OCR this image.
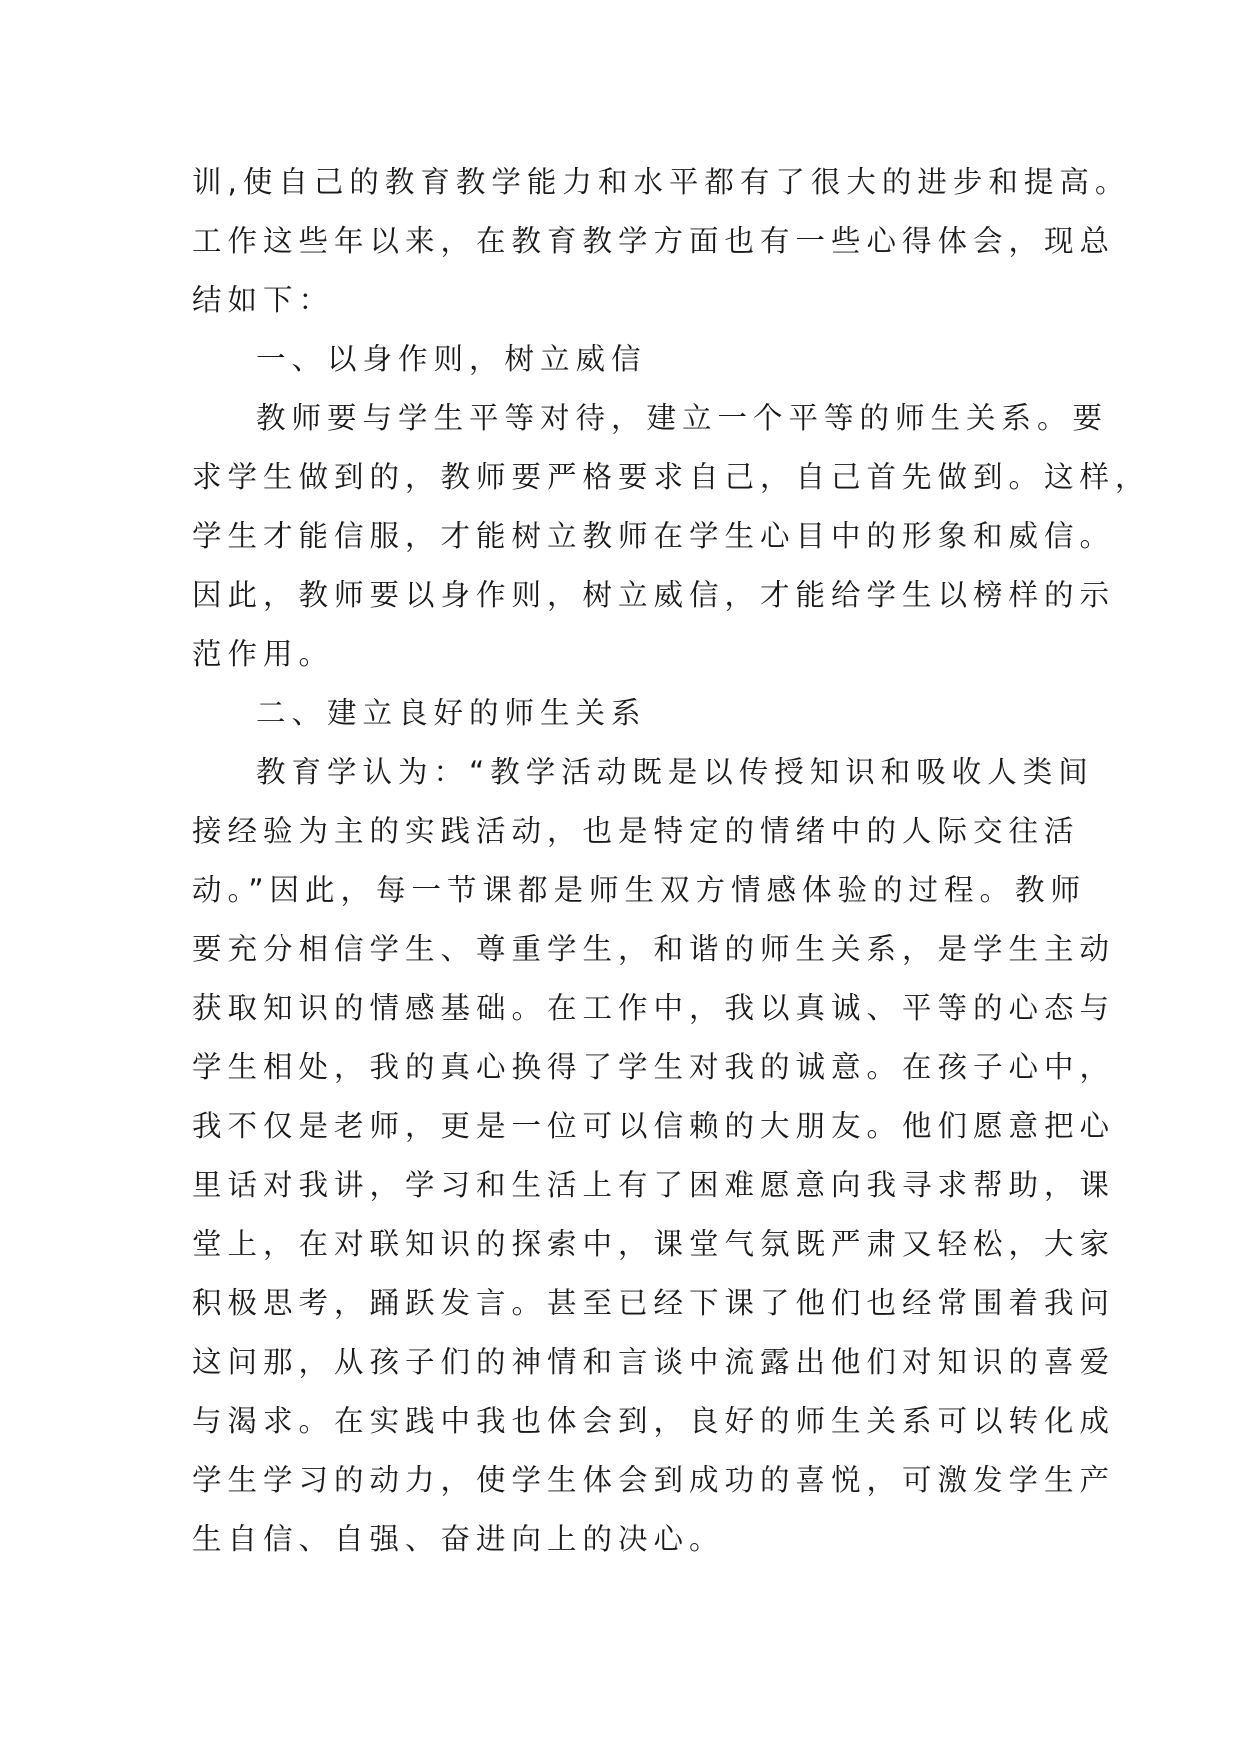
训,使自己的教育教学能力和水平都有了很大的进步和提高。
工作这些年以来，在教育教学方面也有一些心得体会，现总
结如下：
一、以身作则，树立威信
教师要与学生平等对待，建立一个平等的师生关系。要
求学生做到的，教师要严格要求自己，自己首先做到。这样，
学生才能信服，才能树立教师在学生心目中的形象和威信。
因此，教师要以身作则，树立威信，才能给学生以榜样的示
范作用。
二、建立良好的师生关系
教育学认为：“教学活动既是以传授知识和吸收人类间
接经验为主的实践活动，也是特定的情绪中的人际交往活
动。”因此，每一节课都是师生双方情感体验的过程。教师
要充分相信学生、尊重学生，和谐的师生关系，是学生主动
获取知识的情感基础。在工作中，我以真诚、平等的心态与
学生相处，我的真心换得了学生对我的诚意。在孩子心中，
我不仅是老师，更是一位可以信赖的大朋友。他们愿意把心
里话对我讲，学习和生活上有了困难愿意向我寻求帮助，课
堂上，在对联知识的探索中，课堂气氛既严肃又轻松，大家
积极思考，踊跃发言。甚至已经下课了他们也经常围着我问
这问那，从孩子们的神情和言谈中流露出他们对知识的喜爱
与渴求。在实践中我也体会到，良好的师生关系可以转化成
学生学习的动力，使学生体会到成功的喜悦，可激发学生产
生自信、自强、奋进向上的决心。
